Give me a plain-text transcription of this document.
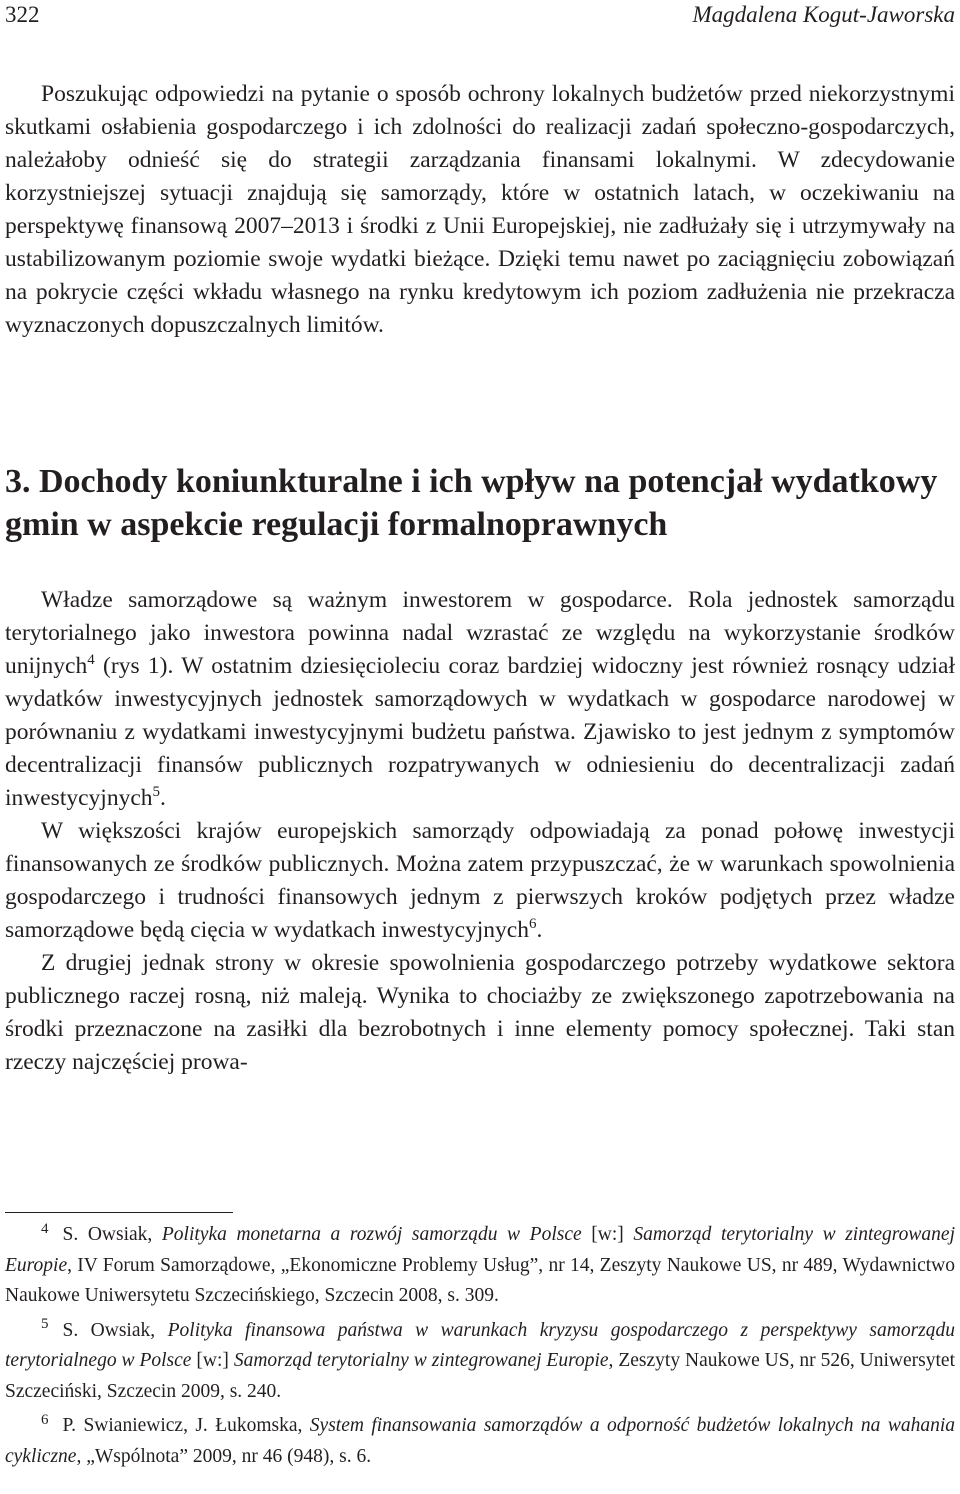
322	Magdalena Kogut-Jaworska

Poszukując odpowiedzi na pytanie o sposób ochrony lokalnych budżetów przed niekorzystnymi skutkami osłabienia gospodarczego i ich zdolności do realizacji zadań społeczno-gospodarczych, należałoby odnieść się do strategii zarządzania finansami lokalnymi. W zdecydowanie korzystniejszej sytuacji znajdują się samorządy, które w ostatnich latach, w oczekiwaniu na perspektywę finansową 2007–2013 i środki z Unii Europejskiej, nie zadłużały się i utrzymywały na ustabilizowanym poziomie swoje wydatki bieżące. Dzięki temu nawet po zaciągnięciu zobowiązań na pokrycie części wkładu własnego na rynku kredytowym ich poziom zadłużenia nie przekracza wyznaczonych dopuszczalnych limitów.

3. Dochody koniunkturalne i ich wpływ na potencjał wydatkowy gmin w aspekcie regulacji formalnoprawnych

Władze samorządowe są ważnym inwestorem w gospodarce. Rola jednostek samorządu terytorialnego jako inwestora powinna nadal wzrastać ze względu na wykorzystanie środków unijnych$^4$ (rys 1). W ostatnim dziesięcioleciu coraz bardziej widoczny jest również rosnący udział wydatków inwestycyjnych jednostek samorządowych w wydatkach w gospodarce narodowej w porównaniu z wydatkami inwestycyjnymi budżetu państwa. Zjawisko to jest jednym z symptomów decentralizacji finansów publicznych rozpatrywanych w odniesieniu do decentralizacji zadań inwestycyjnych$^5$.

W większości krajów europejskich samorządy odpowiadają za ponad połowę inwestycji finansowanych ze środków publicznych. Można zatem przypuszczać, że w warunkach spowolnienia gospodarczego i trudności finansowych jednym z pierwszych kroków podjętych przez władze samorządowe będą cięcia w wydatkach inwestycyjnych$^6$.

Z drugiej jednak strony w okresie spowolnienia gospodarczego potrzeby wydatkowe sektora publicznego raczej rosną, niż maleją. Wynika to chociażby ze zwiększonego zapotrzebowania na środki przeznaczone na zasiłki dla bezrobotnych i inne elementy pomocy społecznej. Taki stan rzeczy najczęściej prowa-

$^4$ S. Owsiak, Polityka monetarna a rozwój samorządu w Polsce [w:] Samorząd terytorialny w zintegrowanej Europie, IV Forum Samorządowe, „Ekonomiczne Problemy Usług”, nr 14, Zeszyty Naukowe US, nr 489, Wydawnictwo Naukowe Uniwersytetu Szczecińskiego, Szczecin 2008, s. 309.

$^5$ S. Owsiak, Polityka finansowa państwa w warunkach kryzysu gospodarczego z perspektywy samorządu terytorialnego w Polsce [w:] Samorząd terytorialny w zintegrowanej Europie, Zeszyty Naukowe US, nr 526, Uniwersytet Szczeciński, Szczecin 2009, s. 240.

$^6$ P. Swianiewicz, J. Łukomska, System finansowania samorządów a odporność budżetów lokalnych na wahania cykliczne, „Wspólnota” 2009, nr 46 (948), s. 6.
